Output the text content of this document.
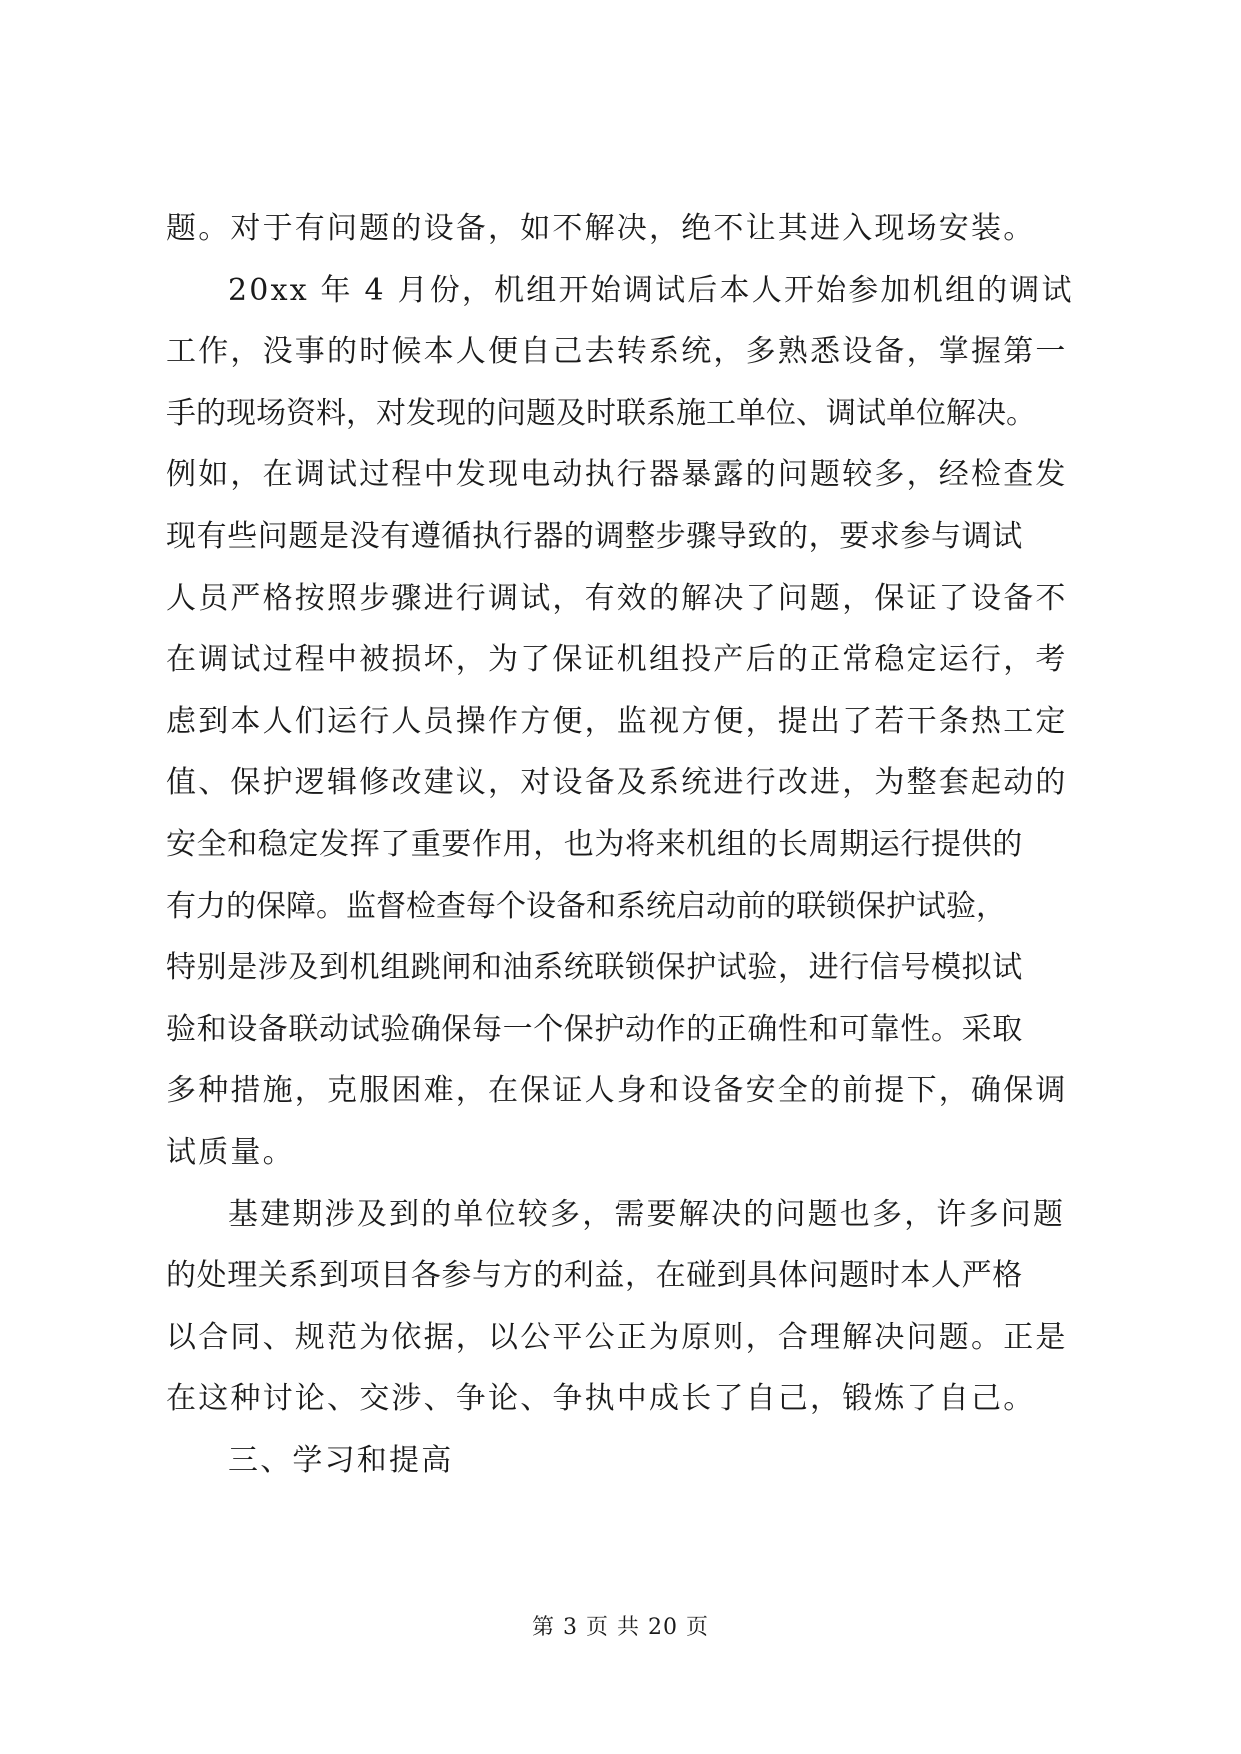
题。对于有问题的设备，如不解决，绝不让其进入现场安装。
20xx 年 4 月份，机组开始调试后本人开始参加机组的调试
工作，没事的时候本人便自己去转系统，多熟悉设备，掌握第一
手的现场资料，对发现的问题及时联系施工单位、调试单位解决。
例如，在调试过程中发现电动执行器暴露的问题较多，经检查发
现有些问题是没有遵循执行器的调整步骤导致的，要求参与调试
人员严格按照步骤进行调试，有效的解决了问题，保证了设备不
在调试过程中被损坏，为了保证机组投产后的正常稳定运行，考
虑到本人们运行人员操作方便，监视方便，提出了若干条热工定
值、保护逻辑修改建议，对设备及系统进行改进，为整套起动的
安全和稳定发挥了重要作用，也为将来机组的长周期运行提供的
有力的保障。监督检查每个设备和系统启动前的联锁保护试验，
特别是涉及到机组跳闸和油系统联锁保护试验，进行信号模拟试
验和设备联动试验确保每一个保护动作的正确性和可靠性。采取
多种措施，克服困难，在保证人身和设备安全的前提下，确保调
试质量。
基建期涉及到的单位较多，需要解决的问题也多，许多问题
的处理关系到项目各参与方的利益，在碰到具体问题时本人严格
以合同、规范为依据，以公平公正为原则，合理解决问题。正是
在这种讨论、交涉、争论、争执中成长了自己，锻炼了自己。
三、学习和提高
第 3 页 共 20 页
